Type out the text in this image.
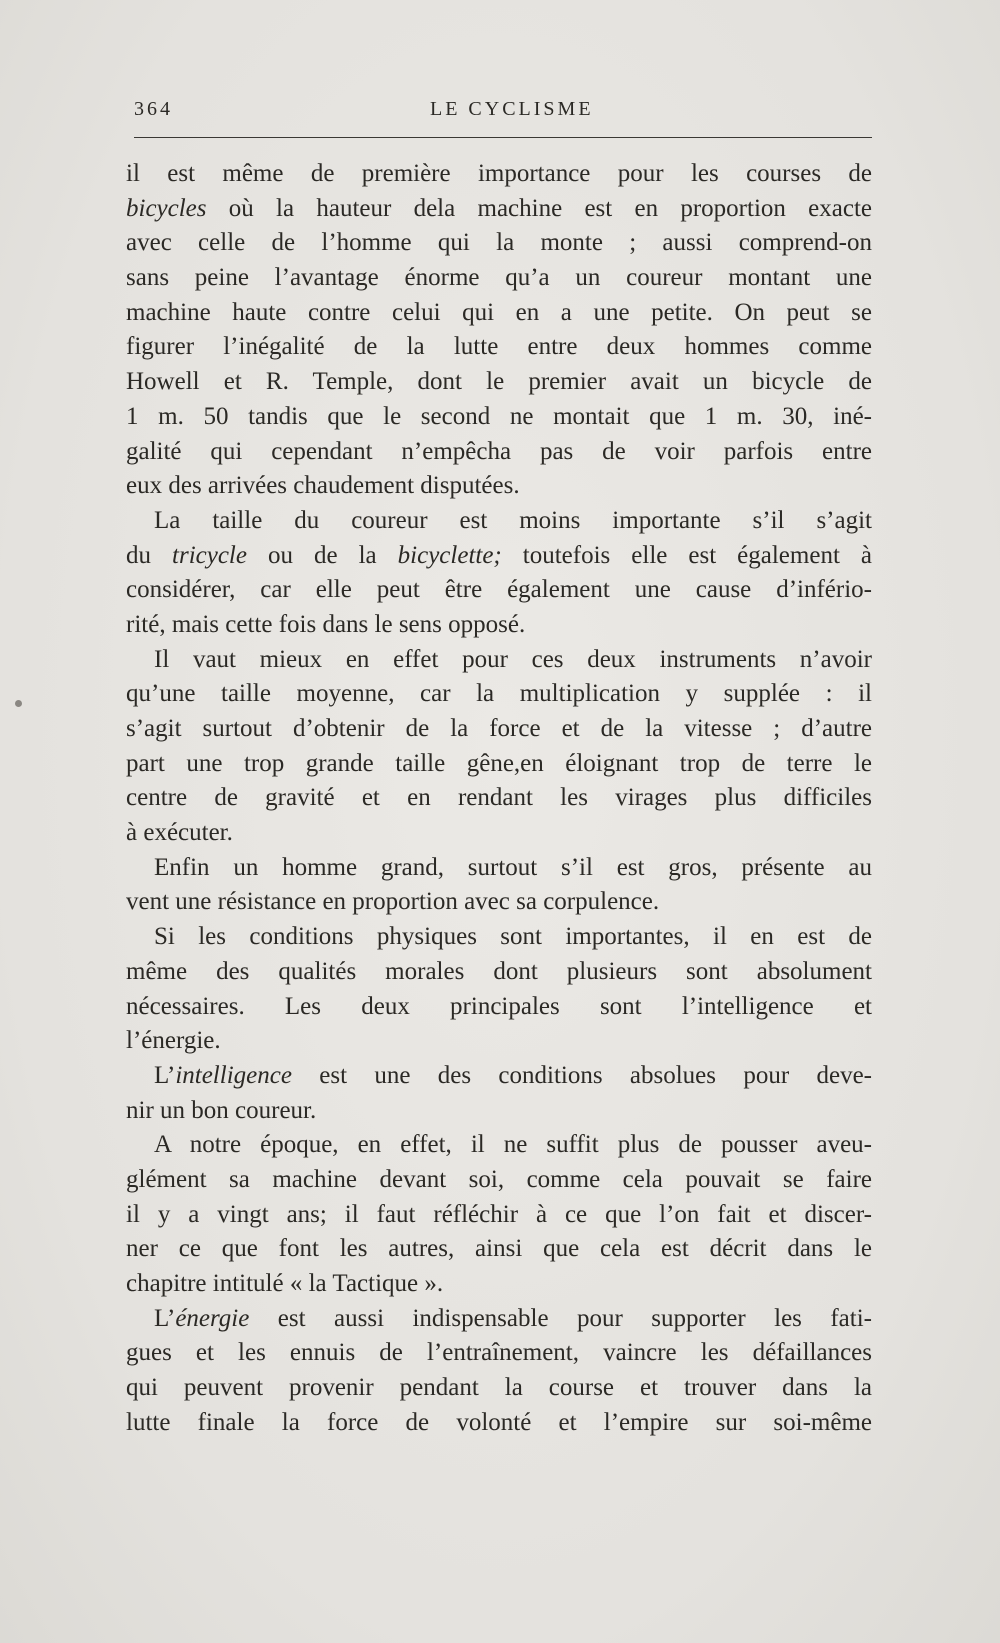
364	LE CYCLISME
il est même de première importance pour les courses de
bicycles où la hauteur dela machine est en proportion exacte
avec celle de l’homme qui la monte ; aussi comprend-on
sans peine l’avantage énorme qu’a un coureur montant une
machine haute contre celui qui en a une petite. On peut se
figurer l’inégalité de la lutte entre deux hommes comme
Howell et R. Temple, dont le premier avait un bicycle de
1 m. 50 tandis que le second ne montait que 1 m. 30, iné-
galité qui cependant n’empêcha pas de voir parfois entre
eux des arrivées chaudement disputées.
La taille du coureur est moins importante s’il s’agit
du tricycle ou de la bicyclette; toutefois elle est également à
considérer, car elle peut être également une cause d’infério-
rité, mais cette fois dans le sens opposé.
Il vaut mieux en effet pour ces deux instruments n’avoir
qu’une taille moyenne, car la multiplication y supplée : il
s’agit surtout d’obtenir de la force et de la vitesse ; d’autre
part une trop grande taille gêne,en éloignant trop de terre le
centre de gravité et en rendant les virages plus difficiles
à exécuter.
Enfin un homme grand, surtout s’il est gros, présente au
vent une résistance en proportion avec sa corpulence.
Si les conditions physiques sont importantes, il en est de
même des qualités morales dont plusieurs sont absolument
nécessaires. Les deux principales sont l’intelligence et
l’énergie.
L’intelligence est une des conditions absolues pour deve-
nir un bon coureur.
A notre époque, en effet, il ne suffit plus de pousser aveu-
glément sa machine devant soi, comme cela pouvait se faire
il y a vingt ans; il faut réfléchir à ce que l’on fait et discer-
ner ce que font les autres, ainsi que cela est décrit dans le
chapitre intitulé « la Tactique ».
L’énergie est aussi indispensable pour supporter les fati-
gues et les ennuis de l’entraînement, vaincre les défaillances
qui peuvent provenir pendant la course et trouver dans la
lutte finale la force de volonté et l’empire sur soi-même
